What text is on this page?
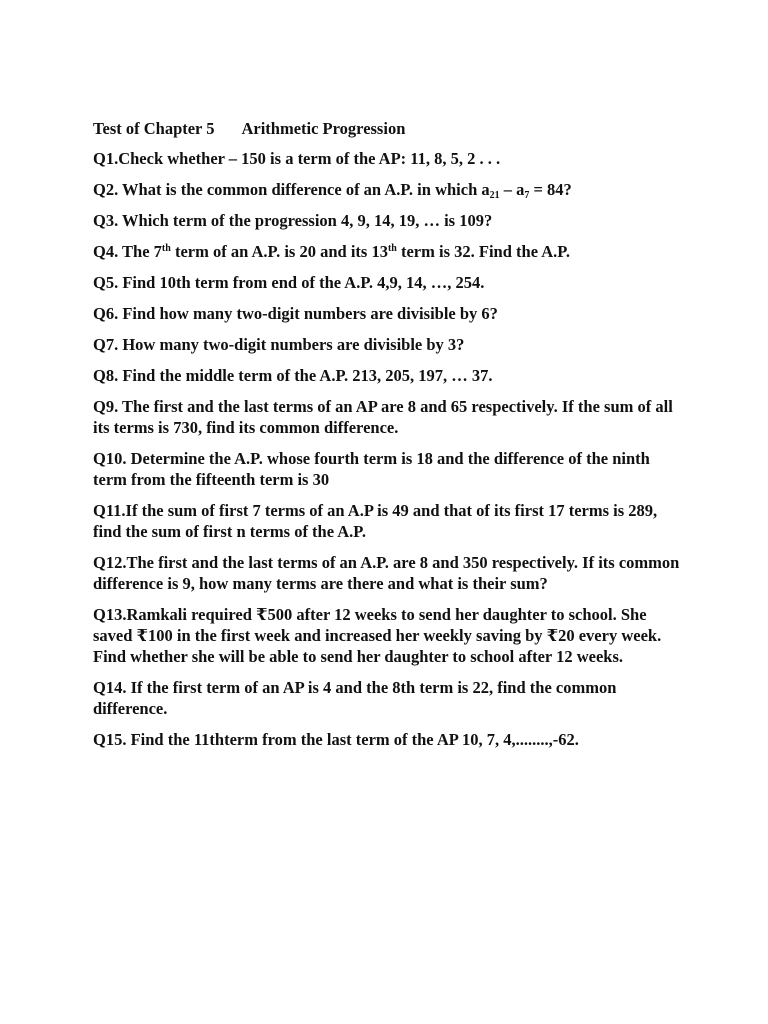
Test of Chapter 5 Arithmetic Progression

Q1.Check whether – 150 is a term of the AP: 11, 8, 5, 2 . . .

Q2. What is the common difference of an A.P. in which $a_{21} - a_7 = 84$?

Q3. Which term of the progression 4, 9, 14, 19, … is 109?

Q4. The 7th term of an A.P. is 20 and its 13th term is 32. Find the A.P.

Q5. Find 10th term from end of the A.P. 4,9, 14, …, 254.

Q6. Find how many two-digit numbers are divisible by 6?

Q7. How many two-digit numbers are divisible by 3?

Q8. Find the middle term of the A.P. 213, 205, 197, … 37.

Q9. The first and the last terms of an AP are 8 and 65 respectively. If the sum of all its terms is 730, find its common difference.

Q10. Determine the A.P. whose fourth term is 18 and the difference of the ninth term from the fifteenth term is 30

Q11.If the sum of first 7 terms of an A.P is 49 and that of its first 17 terms is 289, find the sum of first n terms of the A.P.

Q12.The first and the last terms of an A.P. are 8 and 350 respectively. If its common difference is 9, how many terms are there and what is their sum?

Q13.Ramkali required ₹500 after 12 weeks to send her daughter to school. She saved ₹100 in the first week and increased her weekly saving by ₹20 every week. Find whether she will be able to send her daughter to school after 12 weeks.

Q14. If the first term of an AP is 4 and the 8th term is 22, find the common difference.

Q15. Find the 11thterm from the last term of the AP 10, 7, 4,........,-62.
